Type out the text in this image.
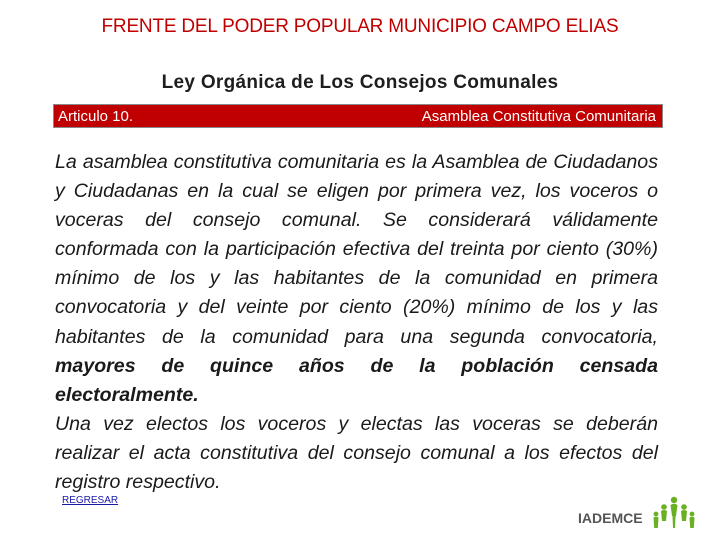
FRENTE DEL PODER POPULAR MUNICIPIO CAMPO ELIAS
Ley Orgánica de Los Consejos Comunales
Articulo 10.	Asamblea Constitutiva Comunitaria

La asamblea constitutiva comunitaria es la Asamblea de Ciudadanos y Ciudadanas en la cual se eligen por primera vez, los voceros o voceras del consejo comunal. Se considerará válidamente conformada con la participación efectiva del treinta por ciento (30%) mínimo de los y las habitantes de la comunidad en primera convocatoria y del veinte por ciento (20%) mínimo de los y las habitantes de la comunidad para una segunda convocatoria, mayores de quince años de la población censada electoralmente.

Una vez electos los voceros y electas las voceras se deberán realizar el acta constitutiva del consejo comunal a los efectos del registro respectivo.

REGRESAR
IADEMCE
